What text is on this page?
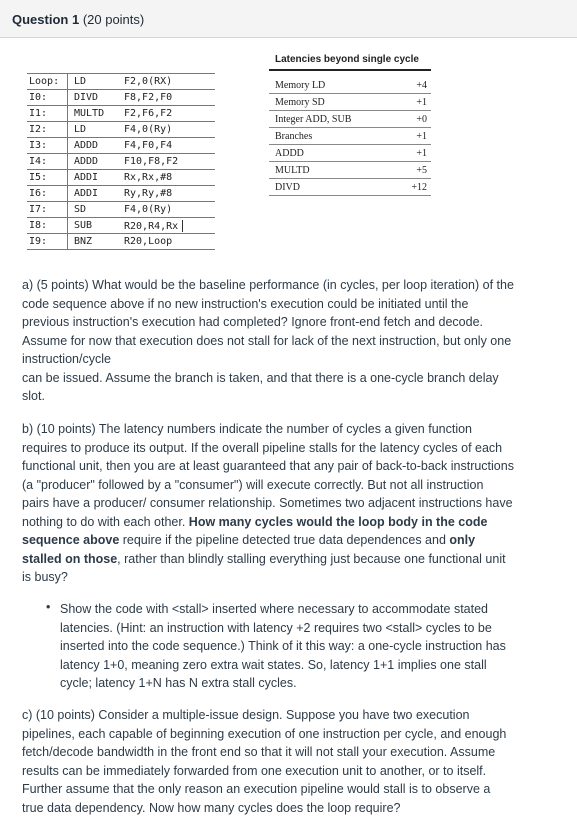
Question 1 (20 points)
Loop:	LD	F2,0(RX)
I0:	DIVD	F8,F2,F0
I1:	MULTD	F2,F6,F2
I2:	LD	F4,0(Ry)
I3:	ADDD	F4,F0,F4
I4:	ADDD	F10,F8,F2
I5:	ADDI	Rx,Rx,#8
I6:	ADDI	Ry,Ry,#8
I7:	SD	F4,0(Ry)
I8:	SUB	R20,R4,Rx
I9:	BNZ	R20,Loop
Latencies beyond single cycle
Memory LD	+4
Memory SD	+1
Integer ADD, SUB	+0
Branches	+1
ADDD	+1
MULTD	+5
DIVD	+12

a) (5 points) What would be the baseline performance (in cycles, per loop iteration) of the code sequence above if no new instruction's execution could be initiated until the previous instruction's execution had completed? Ignore front-end fetch and decode. Assume for now that execution does not stall for lack of the next instruction, but only one instruction/cycle

can be issued. Assume the branch is taken, and that there is a one-cycle branch delay slot.

b) (10 points) The latency numbers indicate the number of cycles a given function requires to produce its output. If the overall pipeline stalls for the latency cycles of each functional unit, then you are at least guaranteed that any pair of back-to-back instructions (a "producer" followed by a "consumer") will execute correctly. But not all instruction pairs have a producer/ consumer relationship. Sometimes two adjacent instructions have nothing to do with each other. How many cycles would the loop body in the code sequence above require if the pipeline detected true data dependences and only stalled on those, rather than blindly stalling everything just because one functional unit is busy?

• Show the code with <stall> inserted where necessary to accommodate stated latencies. (Hint: an instruction with latency +2 requires two <stall> cycles to be inserted into the code sequence.) Think of it this way: a one-cycle instruction has latency 1+0, meaning zero extra wait states. So, latency 1+1 implies one stall cycle; latency 1+N has N extra stall cycles.

c) (10 points) Consider a multiple-issue design. Suppose you have two execution pipelines, each capable of beginning execution of one instruction per cycle, and enough fetch/decode bandwidth in the front end so that it will not stall your execution. Assume results can be immediately forwarded from one execution unit to another, or to itself. Further assume that the only reason an execution pipeline would stall is to observe a true data dependency. Now how many cycles does the loop require?
